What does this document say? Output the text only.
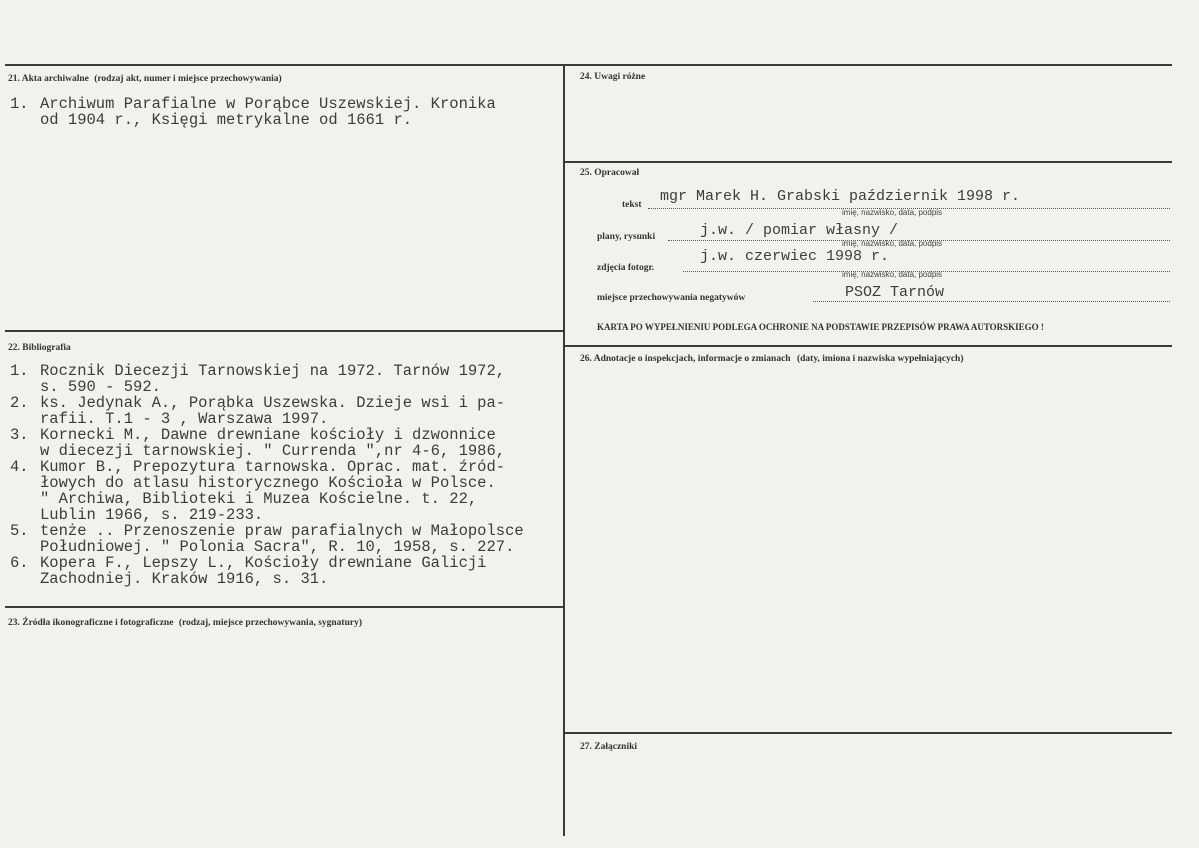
21. Akta archiwalne (rodzaj akt, numer i miejsce przechowywania)
1. Archiwum Parafialne w Porąbce Uszewskiej. Kronika
od 1904 r., Księgi metrykalne od 1661 r.
22. Bibliografia
1. Rocznik Diecezji Tarnowskiej na 1972. Tarnów 1972,
s. 590 - 592.
2. ks. Jedynak A., Porąbka Uszewska. Dzieje wsi i pa-
rafii. T.1 - 3 , Warszawa 1997.
3. Kornecki M., Dawne drewniane kościoły i dzwonnice
w diecezji tarnowskiej. " Currenda ",nr 4-6, 1986,
4. Kumor B., Prepozytura tarnowska. Oprac. mat. źród-
łowych do atlasu historycznego Kościoła w Polsce.
" Archiwa, Biblioteki i Muzea Kościelne. t. 22,
Lublin 1966, s. 219-233.
5. tenże .. Przenoszenie praw parafialnych w Małopolsce
Południowej. " Polonia Sacra", R. 10, 1958, s. 227.
6. Kopera F., Lepszy L., Kościoły drewniane Galicji
Zachodniej. Kraków 1916, s. 31.
23. Źródła ikonograficzne i fotograficzne (rodzaj, miejsce przechowywania, sygnatury)
24. Uwagi różne
25. Opracował
tekst mgr Marek H. Grabski październik 1998 r.
imię, nazwisko, data, podpis
plany, rysunki	j.w. / pomiar własny /
imię, nazwisko, data, podpis
zdjęcia fotogr.
j.w. czerwiec 1998 r.
imię, nazwisko, data, podpis
miejsce przechowywania negatywów	PSOZ Tarnów
KARTA PO WYPEŁNIENIU PODLEGA OCHRONIE NA PODSTAWIE PRZEPISÓW PRAWA AUTORSKIEGO !
26. Adnotacje o inspekcjach, informacje o zmianach (daty, imiona i nazwiska wypełniających)
27. Załączniki
